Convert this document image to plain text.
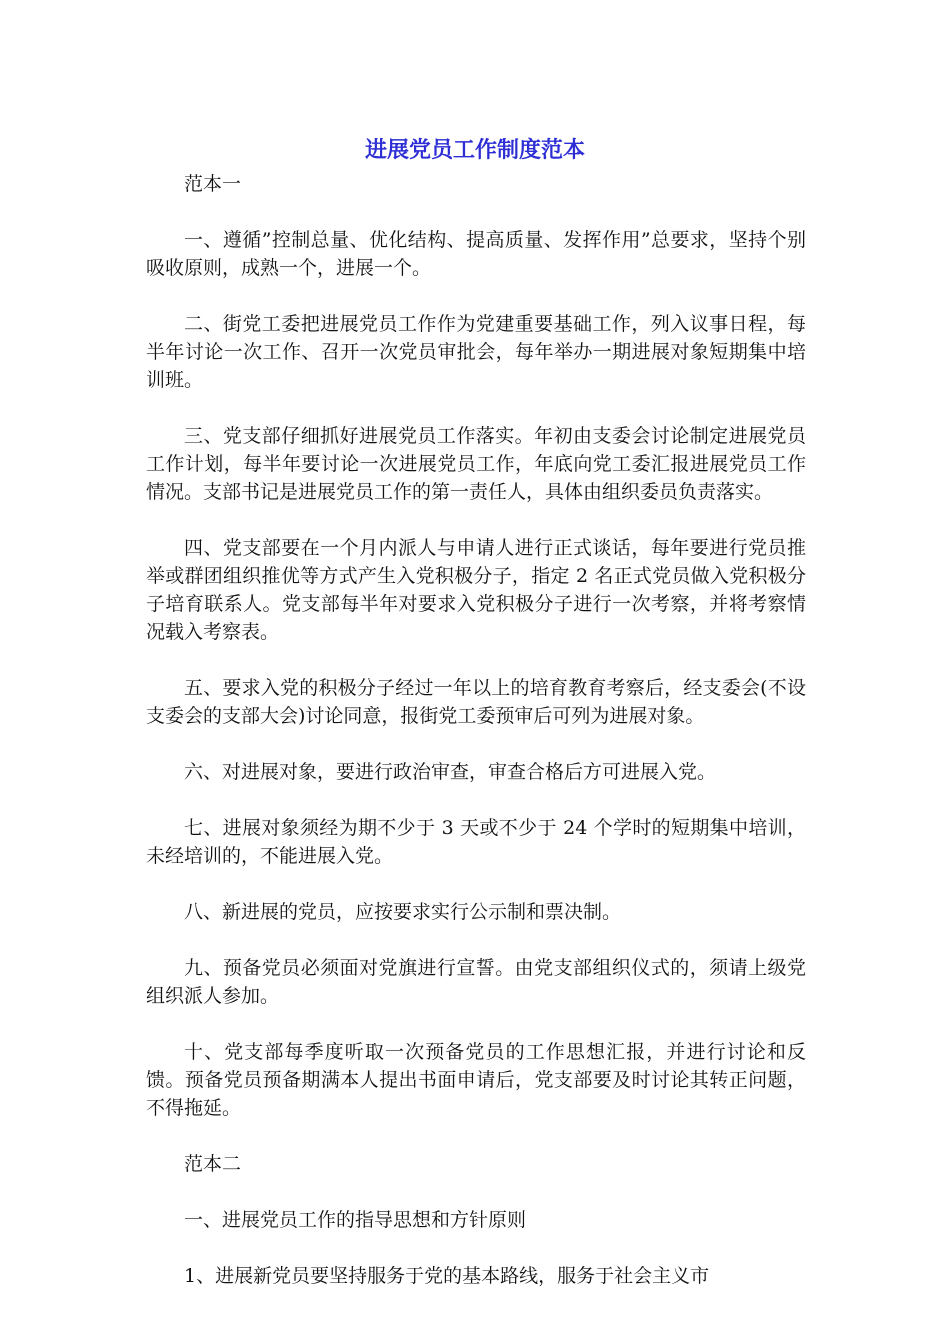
进展党员工作制度范本

范本一

一、遵循”控制总量、优化结构、提高质量、发挥作用”总要求，坚持个别吸收原则，成熟一个，进展一个。

二、街党工委把进展党员工作作为党建重要基础工作，列入议事日程，每半年讨论一次工作、召开一次党员审批会，每年举办一期进展对象短期集中培训班。

三、党支部仔细抓好进展党员工作落实。年初由支委会讨论制定进展党员工作计划，每半年要讨论一次进展党员工作，年底向党工委汇报进展党员工作情况。支部书记是进展党员工作的第一责任人，具体由组织委员负责落实。

四、党支部要在一个月内派人与申请人进行正式谈话，每年要进行党员推举或群团组织推优等方式产生入党积极分子，指定 2 名正式党员做入党积极分子培育联系人。党支部每半年对要求入党积极分子进行一次考察，并将考察情况载入考察表。

五、要求入党的积极分子经过一年以上的培育教育考察后，经支委会(不设支委会的支部大会)讨论同意，报街党工委预审后可列为进展对象。

六、对进展对象，要进行政治审查，审查合格后方可进展入党。

七、进展对象须经为期不少于 3 天或不少于 24 个学时的短期集中培训，未经培训的，不能进展入党。

八、新进展的党员，应按要求实行公示制和票决制。

九、预备党员必须面对党旗进行宣誓。由党支部组织仪式的，须请上级党组织派人参加。

十、党支部每季度听取一次预备党员的工作思想汇报，并进行讨论和反馈。预备党员预备期满本人提出书面申请后，党支部要及时讨论其转正问题，不得拖延。

范本二

一、进展党员工作的指导思想和方针原则

1、进展新党员要坚持服务于党的基本路线，服务于社会主义市
